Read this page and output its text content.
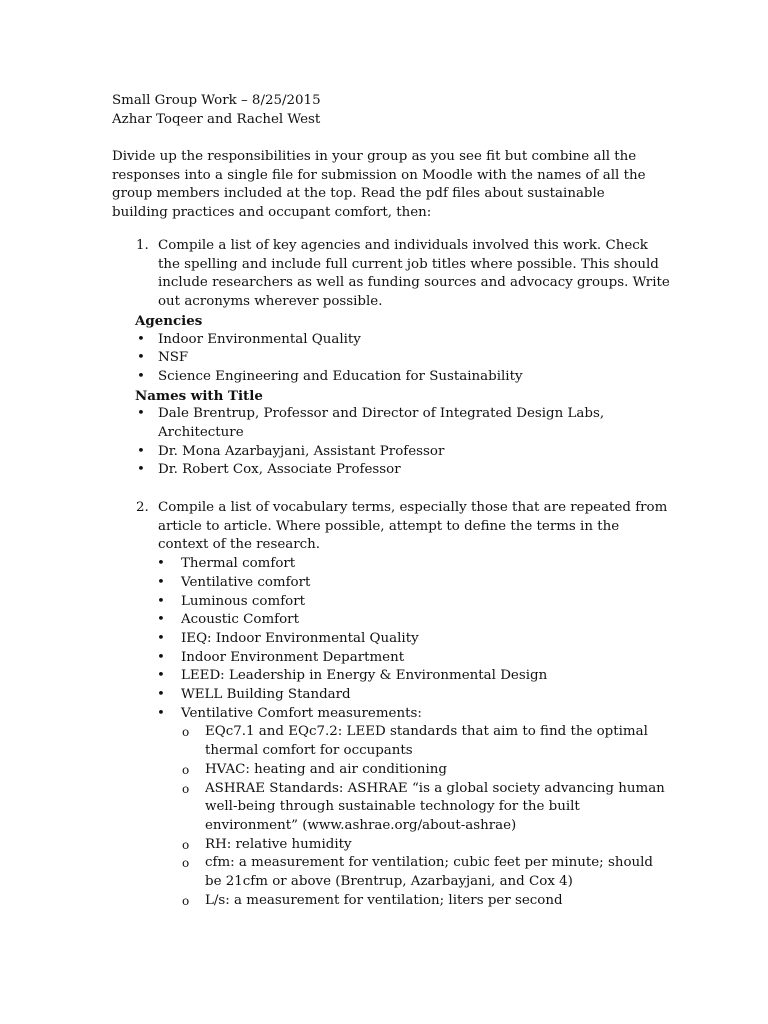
Small Group Work – 8/25/2015

Azhar Toqeer and Rachel West

Divide up the responsibilities in your group as you see fit but combine all the responses into a single file for submission on Moodle with the names of all the group members included at the top. Read the pdf files about sustainable building practices and occupant comfort, then:

1. Compile a list of key agencies and individuals involved this work. Check the spelling and include full current job titles where possible. This should include researchers as well as funding sources and advocacy groups. Write out acronyms wherever possible.

Agencies

• Indoor Environmental Quality
• NSF
• Science Engineering and Education for Sustainability

Names with Title

• Dale Brentrup, Professor and Director of Integrated Design Labs, Architecture
• Dr. Mona Azarbayjani, Assistant Professor
• Dr. Robert Cox, Associate Professor
2. Compile a list of vocabulary terms, especially those that are repeated from article to article. Where possible, attempt to define the terms in the context of the research.

• Thermal comfort
• Ventilative comfort
• Luminous comfort
• Acoustic Comfort
• IEQ: Indoor Environmental Quality
• Indoor Environment Department
• LEED: Leadership in Energy & Environmental Design
• WELL Building Standard
• Ventilative Comfort measurements:
o EQc7.1 and EQc7.2: LEED standards that aim to find the optimal thermal comfort for occupants
o HVAC: heating and air conditioning
o ASHRAE Standards: ASHRAE “is a global society advancing human well-being through sustainable technology for the built environment” (www.ashrae.org/about-ashrae)
o RH: relative humidity
o cfm: a measurement for ventilation; cubic feet per minute; should be 21cfm or above (Brentrup, Azarbayjani, and Cox 4)
o L/s: a measurement for ventilation; liters per second
